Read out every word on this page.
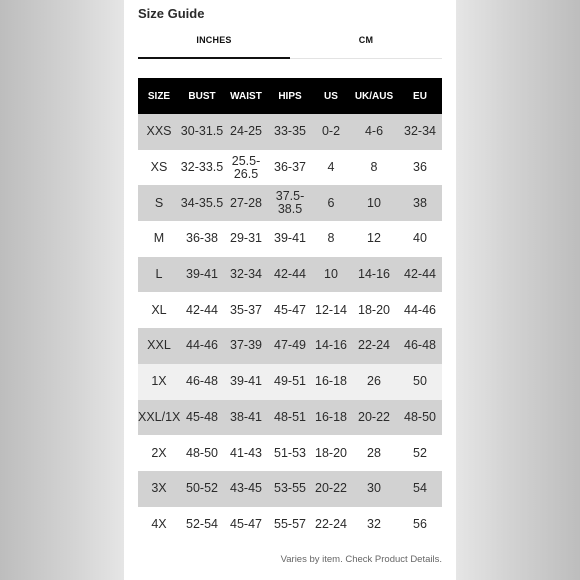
Size Guide
INCHES	CM
SIZE	BUST	WAIST	HIPS	US	UK/AUS	EU
XXS	30-31.5	24-25	33-35	0-2	4-6	32-34
XS	32-33.5	25.5-26.5	36-37	4	8	36
S	34-35.5	27-28	37.5-38.5	6	10	38
M	36-38	29-31	39-41	8	12	40
L	39-41	32-34	42-44	10	14-16	42-44
XL	42-44	35-37	45-47	12-14	18-20	44-46
XXL	44-46	37-39	47-49	14-16	22-24	46-48
1X	46-48	39-41	49-51	16-18	26	50
XXL/1X	45-48	38-41	48-51	16-18	20-22	48-50
2X	48-50	41-43	51-53	18-20	28	52
3X	50-52	43-45	53-55	20-22	30	54
4X	52-54	45-47	55-57	22-24	32	56
Varies by item. Check Product Details.
